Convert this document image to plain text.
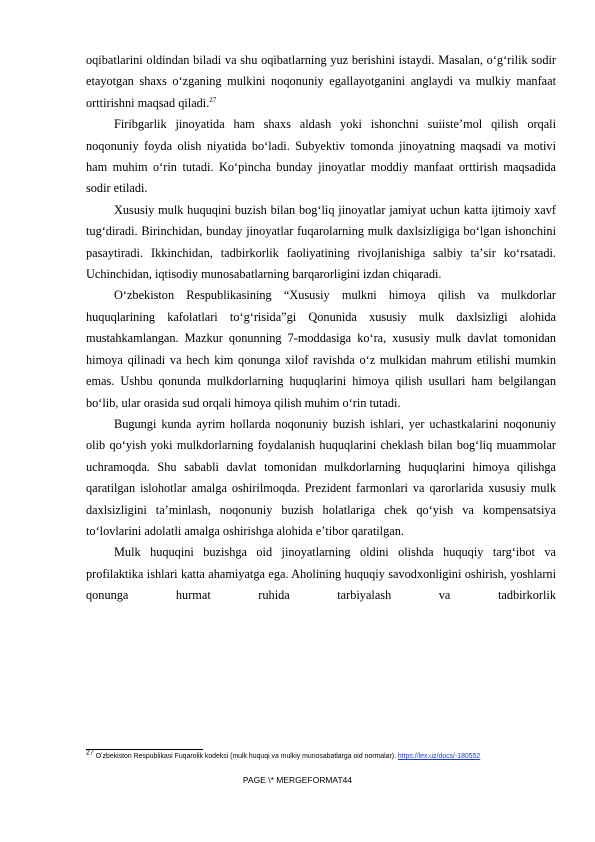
oqibatlarini oldindan biladi va shu oqibatlarning yuz berishini istaydi. Masalan, oʻgʻrilik sodir etayotgan shaxs oʻzganing mulkini noqonuniy egallayotganini anglaydi va mulkiy manfaat orttirishni maqsad qiladi.$^{27}$

Firibgarlik jinoyatida ham shaxs aldash yoki ishonchni suiisteʼmol qilish orqali noqonuniy foyda olish niyatida boʻladi. Subyektiv tomonda jinoyatning maqsadi va motivi ham muhim oʻrin tutadi. Koʻpincha bunday jinoyatlar moddiy manfaat orttirish maqsadida sodir etiladi.

Xususiy mulk huquqini buzish bilan bogʻliq jinoyatlar jamiyat uchun katta ijtimoiy xavf tugʻdiradi. Birinchidan, bunday jinoyatlar fuqarolarning mulk daxlsizligiga boʻlgan ishonchini pasaytiradi. Ikkinchidan, tadbirkorlik faoliyatining rivojlanishiga salbiy taʼsir koʻrsatadi. Uchinchidan, iqtisodiy munosabatlarning barqarorligini izdan chiqaradi.

Oʻzbekiston Respublikasining “Xususiy mulkni himoya qilish va mulkdorlar huquqlarining kafolatlari toʻgʻrisida”gi Qonunida xususiy mulk daxlsizligi alohida mustahkamlangan. Mazkur qonunning 7-moddasiga koʻra, xususiy mulk davlat tomonidan himoya qilinadi va hech kim qonunga xilof ravishda oʻz mulkidan mahrum etilishi mumkin emas. Ushbu qonunda mulkdorlarning huquqlarini himoya qilish usullari ham belgilangan boʻlib, ular orasida sud orqali himoya qilish muhim oʻrin tutadi.

Bugungi kunda ayrim hollarda noqonuniy buzish ishlari, yer uchastkalarini noqonuniy olib qoʻyish yoki mulkdorlarning foydalanish huquqlarini cheklash bilan bogʻliq muammolar uchramoqda. Shu sababli davlat tomonidan mulkdorlarning huquqlarini himoya qilishga qaratilgan islohotlar amalga oshirilmoqda. Prezident farmonlari va qarorlarida xususiy mulk daxlsizligini taʼminlash, noqonuniy buzish holatlariga chek qoʻyish va kompensatsiya toʻlovlarini adolatli amalga oshirishga alohida eʼtibor qaratilgan.

Mulk huquqini buzishga oid jinoyatlarning oldini olishda huquqiy targʻibot va profilaktika ishlari katta ahamiyatga ega. Aholining huquqiy savodxonligini oshirish, yoshlarni qonunga hurmat ruhida tarbiyalash va tadbirkorlik

$^{27}$ Oʼzbekiston Respublikasi Fuqarolik kodeksi (mulk huquqi va mulkiy munosabatlarga oid normalar). https://lex.uz/docs/-180552
PAGE \* MERGEFORMAT44
